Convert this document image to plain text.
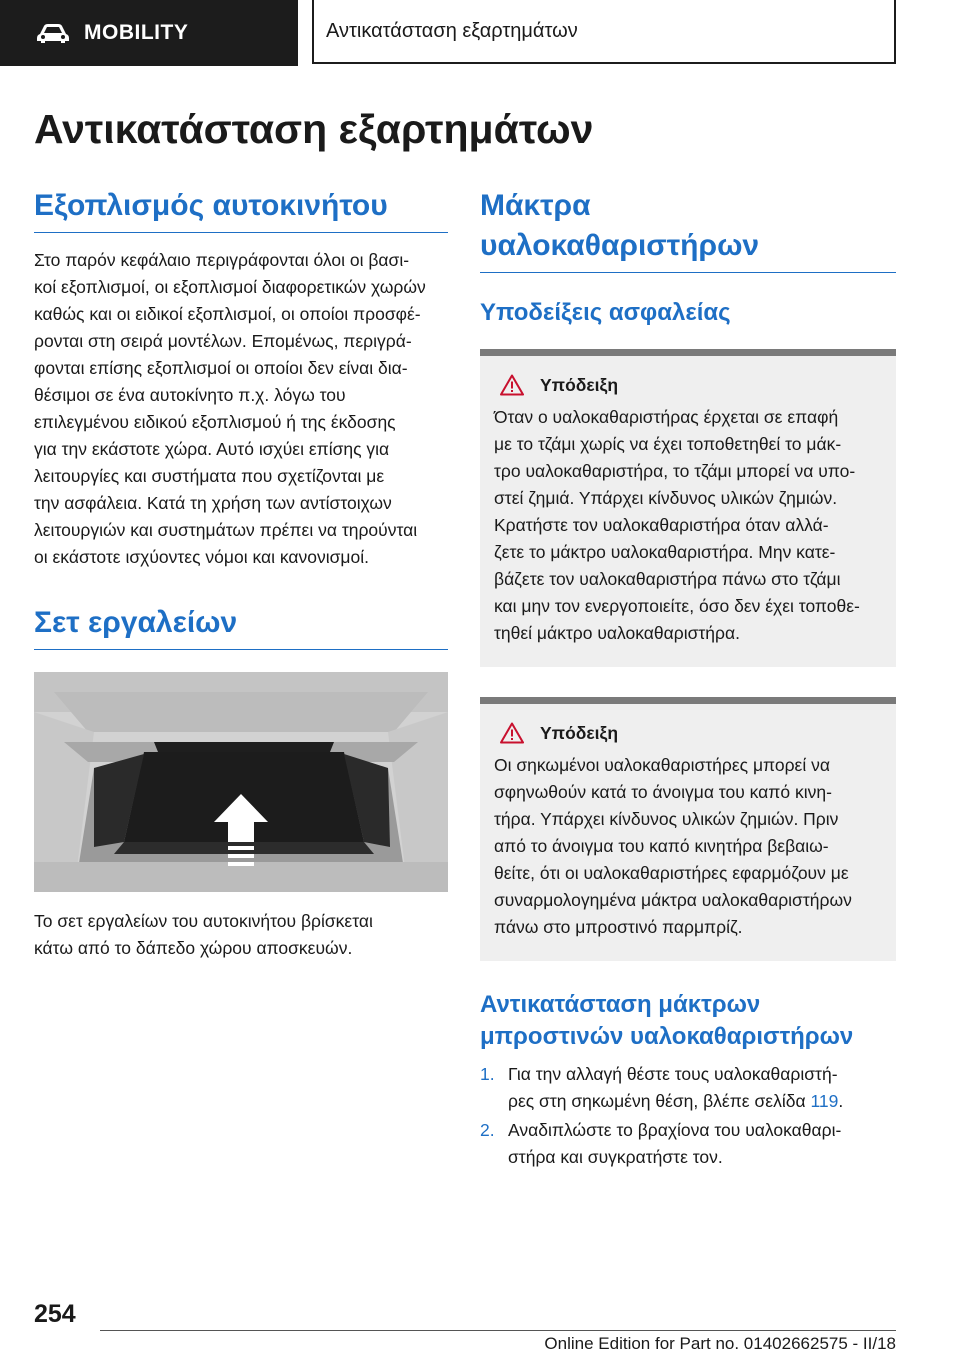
MOBILITY	Αντικατάσταση εξαρτημάτων
Αντικατάσταση εξαρτημάτων
Εξοπλισμός αυτοκινήτου

Στο παρόν κεφάλαιο περιγράφονται όλοι οι βασι-
κοί εξοπλισμοί, οι εξοπλισμοί διαφορετικών χωρών
καθώς και οι ειδικοί εξοπλισμοί, οι οποίοι προσφέ-
ρονται στη σειρά μοντέλων. Επομένως, περιγρά-
φονται επίσης εξοπλισμοί οι οποίοι δεν είναι δια-
θέσιμοι σε ένα αυτοκίνητο π.χ. λόγω του
επιλεγμένου ειδικού εξοπλισμού ή της έκδοσης
για την εκάστοτε χώρα. Αυτό ισχύει επίσης για
λειτουργίες και συστήματα που σχετίζονται με
την ασφάλεια. Κατά τη χρήση των αντίστοιχων
λειτουργιών και συστημάτων πρέπει να τηρούνται
οι εκάστοτε ισχύοντες νόμοι και κανονισμοί.

Σετ εργαλείων

Το σετ εργαλείων του αυτοκινήτου βρίσκεται
κάτω από το δάπεδο χώρου αποσκευών.

Μάκτρα
υαλοκαθαριστήρων
Υποδείξεις ασφαλείας
Υπόδειξη

Όταν ο υαλοκαθαριστήρας έρχεται σε επαφή
με το τζάμι χωρίς να έχει τοποθετηθεί το μάκ-
τρο υαλοκαθαριστήρα, το τζάμι μπορεί να υπο-
στεί ζημιά. Υπάρχει κίνδυνος υλικών ζημιών.
Κρατήστε τον υαλοκαθαριστήρα όταν αλλά-
ζετε το μάκτρο υαλοκαθαριστήρα. Μην κατε-
βάζετε τον υαλοκαθαριστήρα πάνω στο τζάμι
και μην τον ενεργοποιείτε, όσο δεν έχει τοποθε-
τηθεί μάκτρο υαλοκαθαριστήρα.

Υπόδειξη

Οι σηκωμένοι υαλοκαθαριστήρες μπορεί να
σφηνωθούν κατά το άνοιγμα του καπό κινη-
τήρα. Υπάρχει κίνδυνος υλικών ζημιών. Πριν
από το άνοιγμα του καπό κινητήρα βεβαιω-
θείτε, ότι οι υαλοκαθαριστήρες εφαρμόζουν με
συναρμολογημένα μάκτρα υαλοκαθαριστήρων
πάνω στο μπροστινό παρμπρίζ.

Αντικατάσταση μάκτρων
μπροστινών υαλοκαθαριστήρων
1. Για την αλλαγή θέστε τους υαλοκαθαριστή-
ρες στη σηκωμένη θέση, βλέπε σελίδα 119.
2. Αναδιπλώστε το βραχίονα του υαλοκαθαρι-
στήρα και συγκρατήστε τον.
254
Online Edition for Part no. 01402662575 - II/18
